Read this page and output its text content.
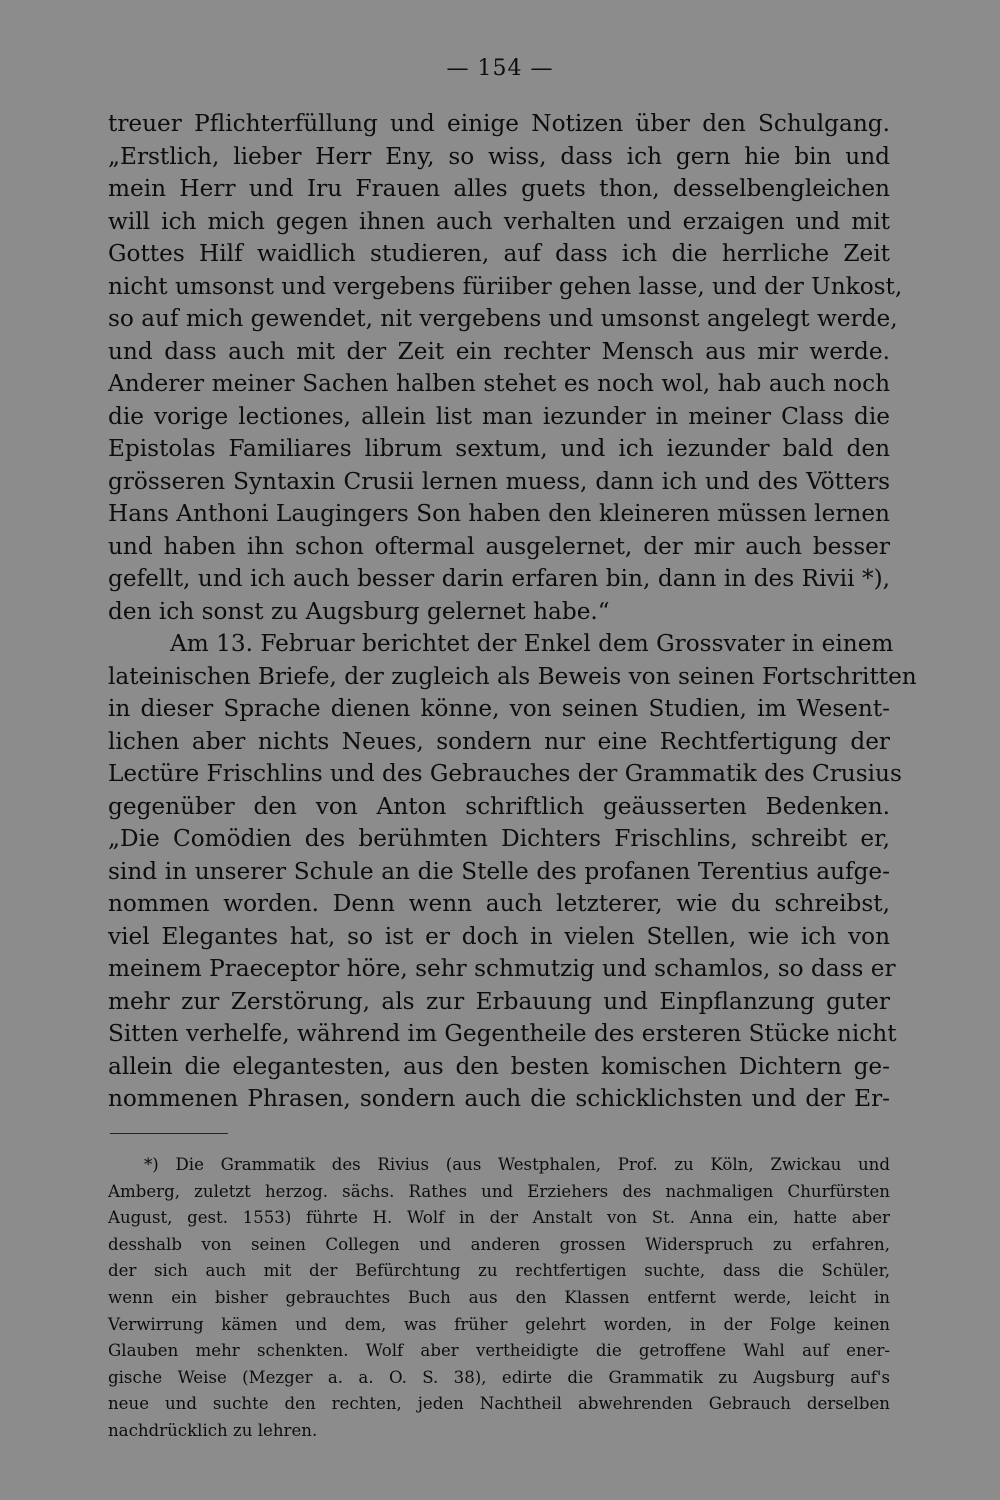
— 154 —
treuer Pflichterfüllung und einige Notizen über den Schulgang.
„Erstlich, lieber Herr Eny, so wiss, dass ich gern hie bin und
mein Herr und Iru Frauen alles guets thon, desselbengleichen
will ich mich gegen ihnen auch verhalten und erzaigen und mit
Gottes Hilf waidlich studieren, auf dass ich die herrliche Zeit
nicht umsonst und vergebens füriiber gehen lasse, und der Unkost,
so auf mich gewendet, nit vergebens und umsonst angelegt werde,
und dass auch mit der Zeit ein rechter Mensch aus mir werde.
Anderer meiner Sachen halben stehet es noch wol, hab auch noch
die vorige lectiones, allein list man iezunder in meiner Class die
Epistolas Familiares librum sextum, und ich iezunder bald den
grösseren Syntaxin Crusii lernen muess, dann ich und des Vötters
Hans Anthoni Laugingers Son haben den kleineren müssen lernen
und haben ihn schon oftermal ausgelernet, der mir auch besser
gefellt, und ich auch besser darin erfaren bin, dann in des Rivii *),
den ich sonst zu Augsburg gelernet habe.“
Am 13. Februar berichtet der Enkel dem Grossvater in einem
lateinischen Briefe, der zugleich als Beweis von seinen Fortschritten
in dieser Sprache dienen könne, von seinen Studien, im Wesent-
lichen aber nichts Neues, sondern nur eine Rechtfertigung der
Lectüre Frischlins und des Gebrauches der Grammatik des Crusius
gegenüber den von Anton schriftlich geäusserten Bedenken.
„Die Comödien des berühmten Dichters Frischlins, schreibt er,
sind in unserer Schule an die Stelle des profanen Terentius aufge-
nommen worden. Denn wenn auch letzterer, wie du schreibst,
viel Elegantes hat, so ist er doch in vielen Stellen, wie ich von
meinem Praeceptor höre, sehr schmutzig und schamlos, so dass er
mehr zur Zerstörung, als zur Erbauung und Einpflanzung guter
Sitten verhelfe, während im Gegentheile des ersteren Stücke nicht
allein die elegantesten, aus den besten komischen Dichtern ge-
nommenen Phrasen, sondern auch die schicklichsten und der Er-
*) Die Grammatik des Rivius (aus Westphalen, Prof. zu Köln, Zwickau und
Amberg, zuletzt herzog. sächs. Rathes und Erziehers des nachmaligen Churfürsten
August, gest. 1553) führte H. Wolf in der Anstalt von St. Anna ein, hatte aber
desshalb von seinen Collegen und anderen grossen Widerspruch zu erfahren,
der sich auch mit der Befürchtung zu rechtfertigen suchte, dass die Schüler,
wenn ein bisher gebrauchtes Buch aus den Klassen entfernt werde, leicht in
Verwirrung kämen und dem, was früher gelehrt worden, in der Folge keinen
Glauben mehr schenkten. Wolf aber vertheidigte die getroffene Wahl auf ener-
gische Weise (Mezger a. a. O. S. 38), edirte die Grammatik zu Augsburg auf's
neue und suchte den rechten, jeden Nachtheil abwehrenden Gebrauch derselben
nachdrücklich zu lehren.
